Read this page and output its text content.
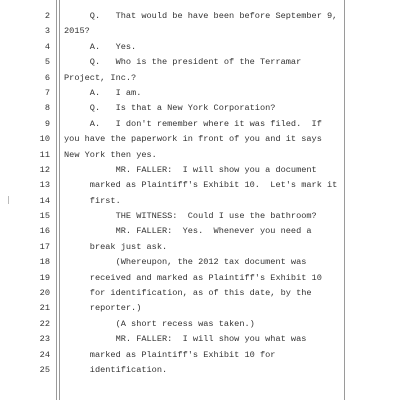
2 Q.   That would be have been before September 9,
3 2015?
4 A.   Yes.
5 Q.   Who is the president of the Terramar
6 Project, Inc.?
7 A.   I am.
8 Q.   Is that a New York Corporation?
9 A.   I don't remember where it was filed.  If
10 you have the paperwork in front of you and it says
11 New York then yes.
12 MR. FALLER:  I will show you a document
13 marked as Plaintiff's Exhibit 10.  Let's mark it
14 first.
15 THE WITNESS:  Could I use the bathroom?
16 MR. FALLER:  Yes.  Whenever you need a
17 break just ask.
18 (Whereupon, the 2012 tax document was
19 received and marked as Plaintiff's Exhibit 10
20 for identification, as of this date, by the
21 reporter.)
22 (A short recess was taken.)
23 MR. FALLER:  I will show you what was
24 marked as Plaintiff's Exhibit 10 for
25 identification.
